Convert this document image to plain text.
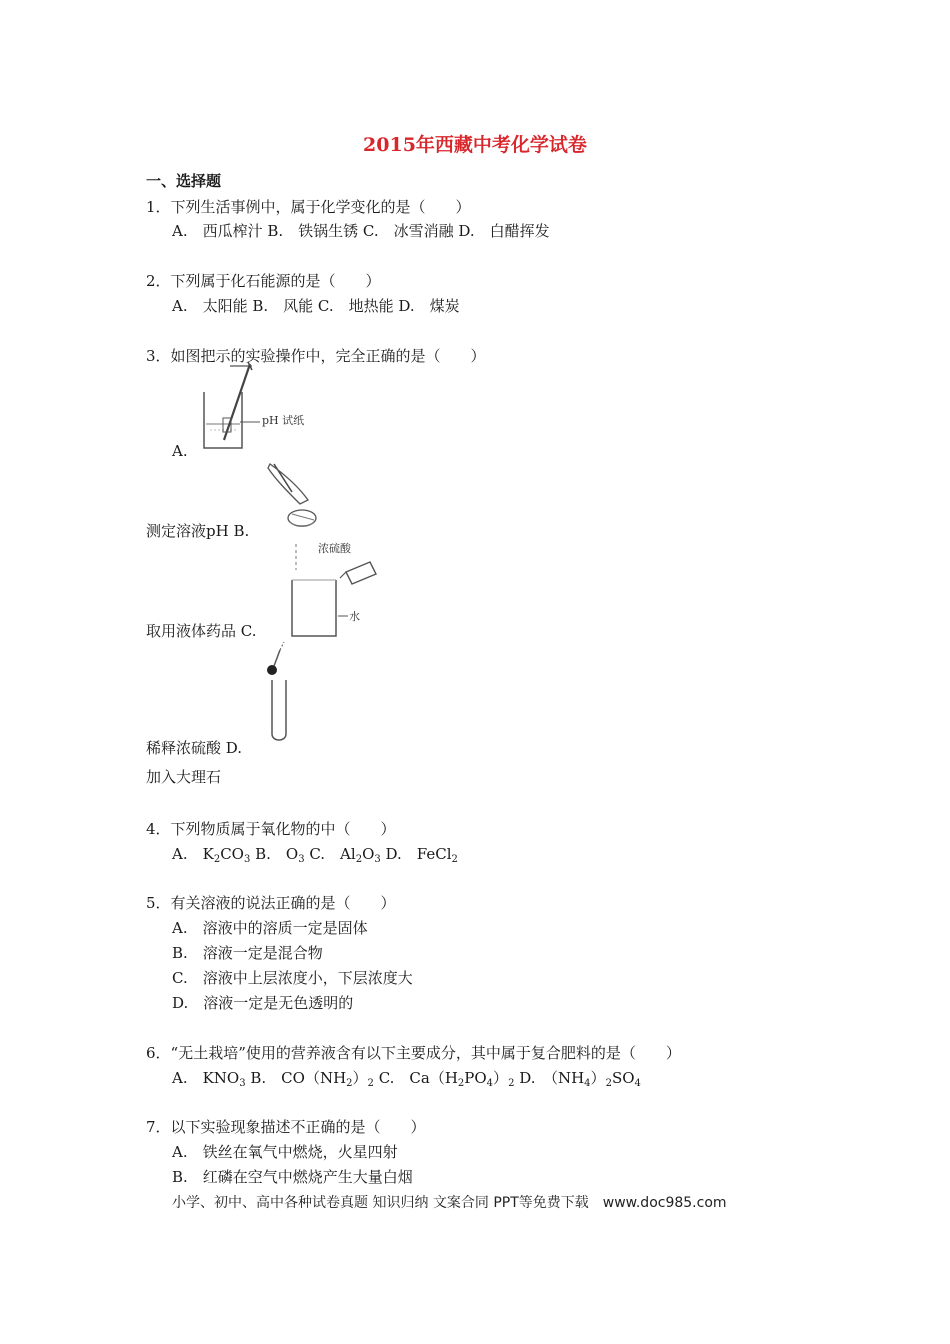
2015年西藏中考化学试卷
一、选择题
1．下列生活事例中，属于化学变化的是（　　）
A.　西瓜榨汁 B.　铁锅生锈 C.　冰雪消融 D.　白醋挥发
2．下列属于化石能源的是（　　）
A.　太阳能 B.　风能 C.　地热能 D.　煤炭
3．如图把示的实验操作中，完全正确的是（　　）
pH 试纸
A.
测定溶液pH B.
浓硫酸
水
取用液体药品 C.
稀释浓硫酸 D.
加入大理石
4．下列物质属于氧化物的中（　　）
A.　$K_2CO_3$ B.　$O_3$ C.　$Al_2O_3$ D.　FeCl$_2$
5．有关溶液的说法正确的是（　　）
A.　溶液中的溶质一定是固体
B.　溶液一定是混合物
C.　溶液中上层浓度小，下层浓度大
D.　溶液一定是无色透明的
6．“无土栽培”使用的营养液含有以下主要成分，其中属于复合肥料的是（　　）
A.　$KNO_3$ B.　$CO(NH_2)_2$ C.　$Ca(H_2PO_4)_2$ D.　$(NH_4)_2SO_4$
7．以下实验现象描述不正确的是（　　）
A.　铁丝在氧气中燃烧，火星四射
B.　红磷在空气中燃烧产生大量白烟
小学、初中、高中各种试卷真题 知识归纳 文案合同 PPT等免费下载　www.doc985.com
